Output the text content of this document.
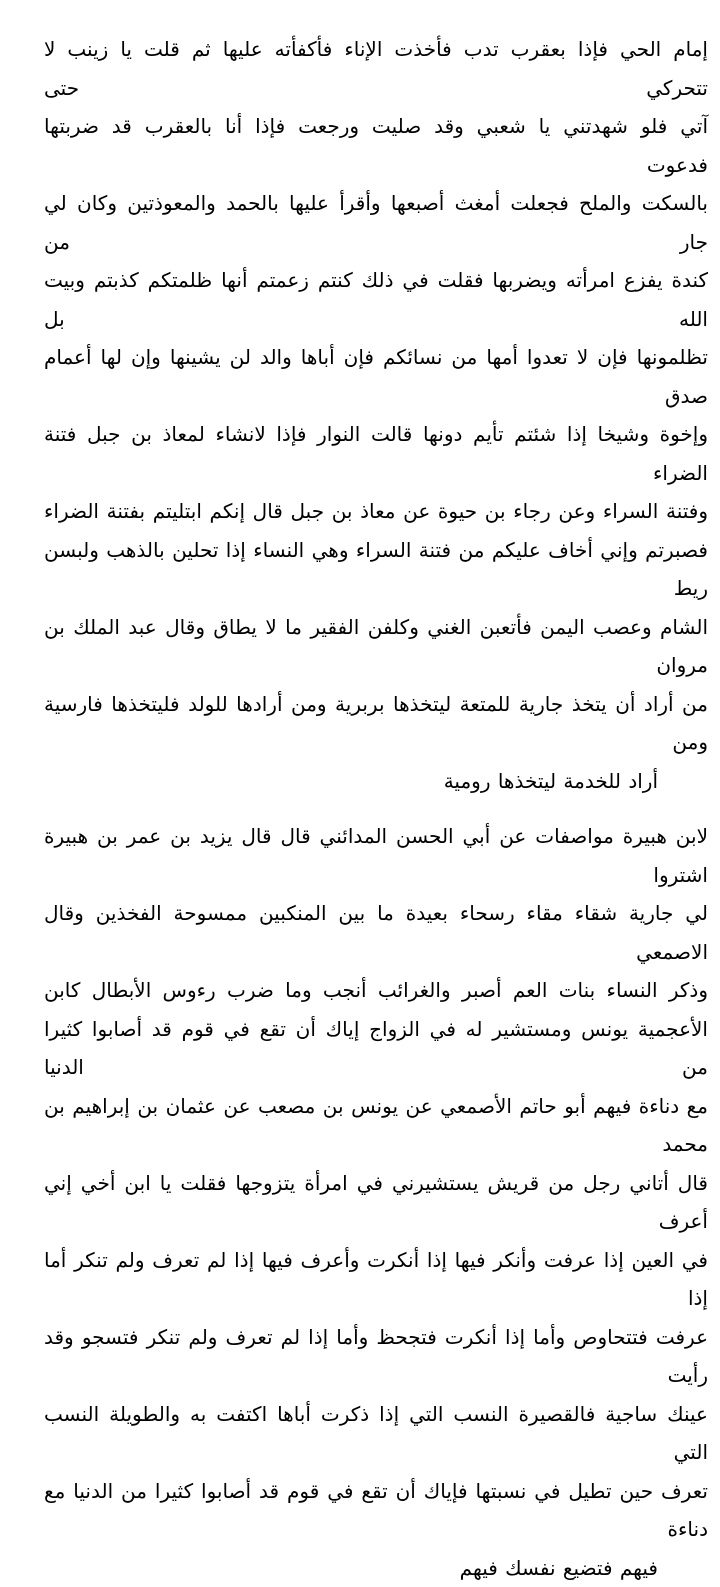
إمام الحي فإذا بعقرب تدب فأخذت الإناء فأكفأته عليها ثم قلت يا زينب لا تتحركي حتى
آتي فلو شهدتني يا شعبي وقد صليت ورجعت فإذا أنا بالعقرب قد ضربتها فدعوت
بالسكت والملح فجعلت أمغث أصبعها وأقرأ عليها بالحمد والمعوذتين وكان لي جار من
كندة يفزع امرأته ويضربها فقلت في ذلك كنتم زعمتم أنها ظلمتكم كذبتم وبيت الله بل
تظلمونها فإن لا تعدوا أمها من نسائكم فإن أباها والد لن يشينها وإن لها أعمام صدق
وإخوة وشيخا إذا شئتم تأيم دونها قالت النوار فإذا لانشاء لمعاذ بن جبل فتنة الضراء
وفتنة السراء وعن رجاء بن حيوة عن معاذ بن جبل قال إنكم ابتليتم بفتنة الضراء
فصبرتم وإني أخاف عليكم من فتنة السراء وهي النساء إذا تحلين بالذهب ولبسن ريط
الشام وعصب اليمن فأتعبن الغني وكلفن الفقير ما لا يطاق وقال عبد الملك بن مروان
من أراد أن يتخذ جارية للمتعة ليتخذها بربرية ومن أرادها للولد فليتخذها فارسية ومن
أراد للخدمة ليتخذها رومية
لابن هبيرة مواصفات عن أبي الحسن المدائني قال قال يزيد بن عمر بن هبيرة اشتروا
لي جارية شقاء مقاء رسحاء بعيدة ما بين المنكبين ممسوحة الفخذين وقال الاصمعي
وذكر النساء بنات العم أصبر والغرائب أنجب وما ضرب رءوس الأبطال كابن
الأعجمية يونس ومستشير له في الزواج إياك أن تقع في قوم قد أصابوا كثيرا من الدنيا
مع دناءة فيهم أبو حاتم الأصمعي عن يونس بن مصعب عن عثمان بن إبراهيم بن محمد
قال أتاني رجل من قريش يستشيرني في امرأة يتزوجها فقلت يا ابن أخي إني أعرف
في العين إذا عرفت وأنكر فيها إذا أنكرت وأعرف فيها إذا لم تعرف ولم تنكر أما إذا
عرفت فتتحاوص وأما إذا أنكرت فتجحظ وأما إذا لم تعرف ولم تنكر فتسجو وقد رأيت
عينك ساجية فالقصيرة النسب التي إذا ذكرت أباها اكتفت به والطويلة النسب التي
تعرف حين تطيل في نسبتها فإياك أن تقع في قوم قد أصابوا كثيرا من الدنيا مع دناءة
فيهم فتضيع نفسك فيهم
